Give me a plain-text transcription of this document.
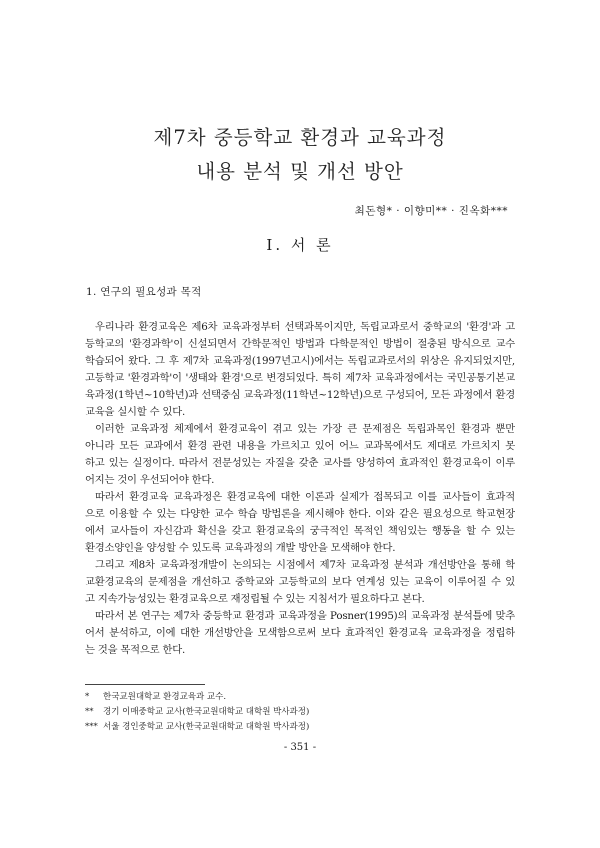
제7차 중등학교 환경과 교육과정
내용 분석 및 개선 방안
최돈형* · 이향미** · 진옥화***
Ⅰ. 서 론
1. 연구의 필요성과 목적
우리나라 환경교육은 제6차 교육과정부터 선택과목이지만, 독립교과로서 중학교의 '환경'과 고
등학교의 '환경과학'이 신설되면서 간학문적인 방법과 다학문적인 방법이 절충된 방식으로 교수
학습되어 왔다. 그 후 제7차 교육과정(1997년고시)에서는 독립교과로서의 위상은 유지되었지만,
고등학교 '환경과학'이 '생태와 환경'으로 변경되었다. 특히 제7차 교육과정에서는 국민공통기본교
육과정(1학년~10학년)과 선택중심 교육과정(11학년~12학년)으로 구성되어, 모든 과정에서 환경
교육을 실시할 수 있다.
이러한 교육과정 체제에서 환경교육이 겪고 있는 가장 큰 문제점은 독립과목인 환경과 뿐만
아니라 모든 교과에서 환경 관련 내용을 가르치고 있어 어느 교과목에서도 제대로 가르치지 못
하고 있는 실정이다. 따라서 전문성있는 자질을 갖춘 교사를 양성하여 효과적인 환경교육이 이루
어지는 것이 우선되어야 한다.
따라서 환경교육 교육과정은 환경교육에 대한 이론과 실제가 접목되고 이를 교사들이 효과적
으로 이용할 수 있는 다양한 교수 학습 방법론을 제시해야 한다. 이와 같은 필요성으로 학교현장
에서 교사들이 자신감과 확신을 갖고 환경교육의 궁극적인 목적인 책임있는 행동을 할 수 있는
환경소양인을 양성할 수 있도록 교육과정의 개발 방안을 모색해야 한다.
그리고 제8차 교육과정개발이 논의되는 시점에서 제7차 교육과정 분석과 개선방안을 통해 학
교환경교육의 문제점을 개선하고 중학교와 고등학교의 보다 연계성 있는 교육이 이루어질 수 있
고 지속가능성있는 환경교육으로 재정립될 수 있는 지침서가 필요하다고 본다.
따라서 본 연구는 제7차 중등학교 환경과 교육과정을 Posner(1995)의 교육과정 분석틀에 맞추
어서 분석하고, 이에 대한 개선방안을 모색함으로써 보다 효과적인 환경교육 교육과정을 정립하
는 것을 목적으로 한다.
* 한국교원대학교 환경교육과 교수.
** 경기 이매중학교 교사(한국교원대학교 대학원 박사과정)
*** 서울 경인중학교 교사(한국교원대학교 대학원 박사과정)
- 351 -
